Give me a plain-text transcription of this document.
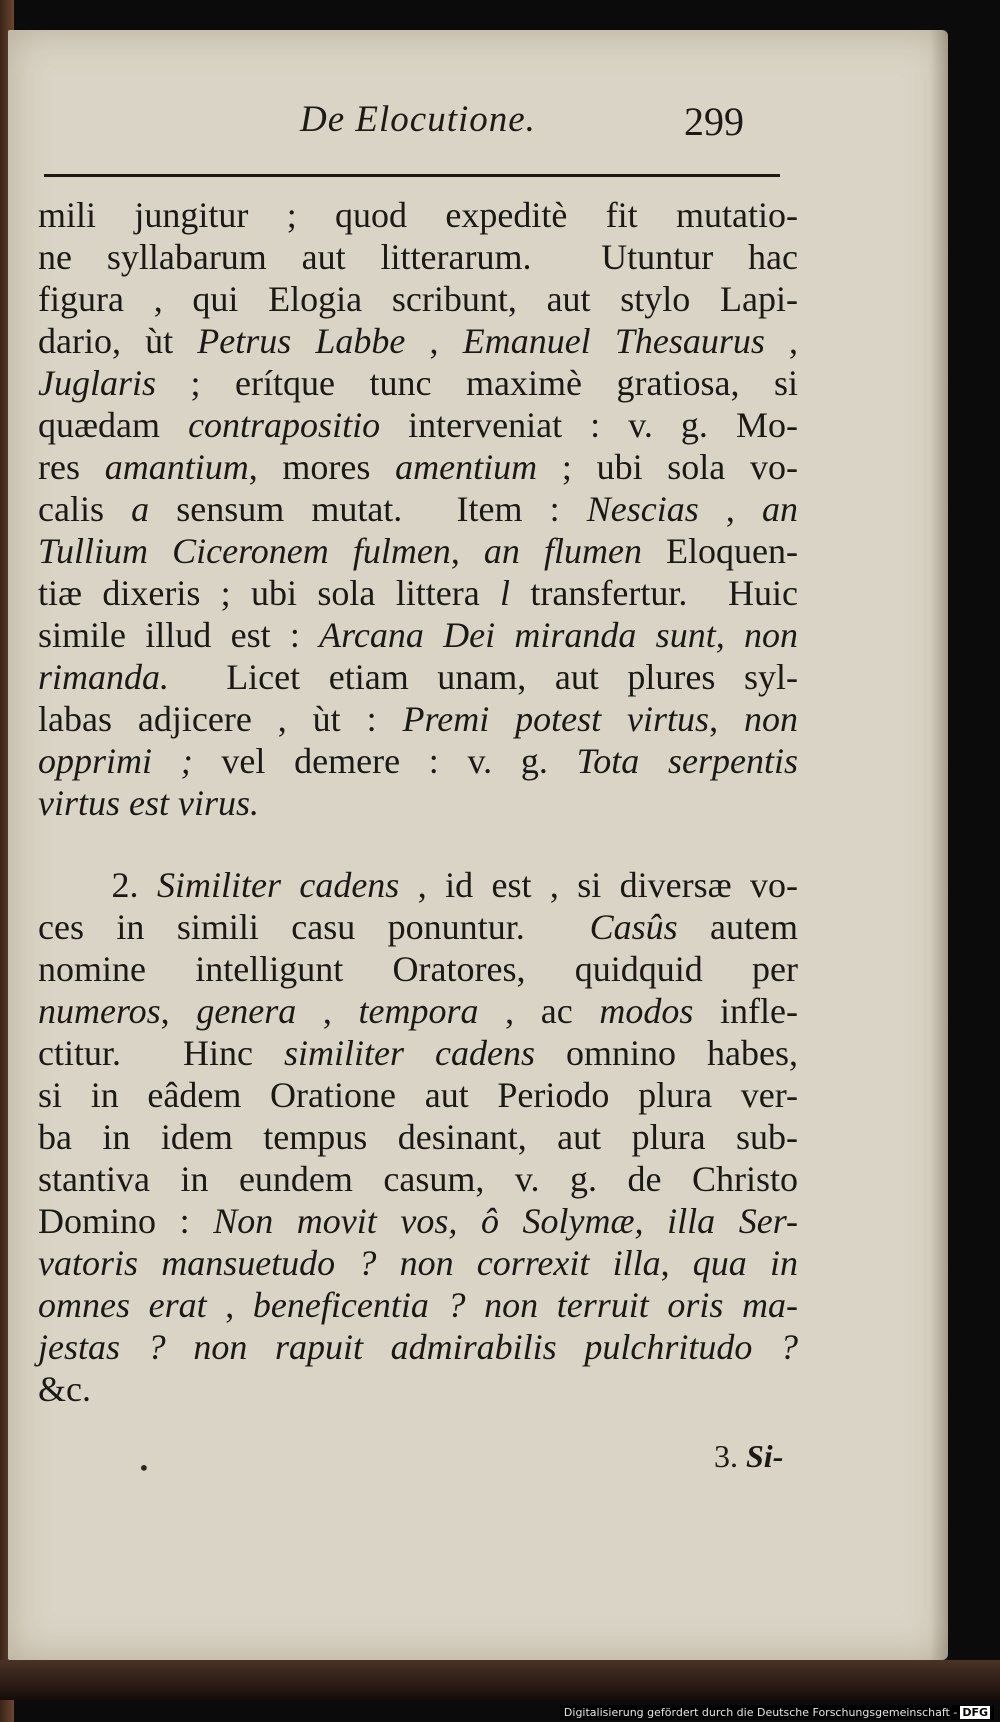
De Elocutione.	299
mili jungitur ; quod expeditè fit mutatio-
ne syllabarum aut litterarum.  Utuntur hac
figura , qui Elogia scribunt, aut stylo Lapi-
dario, ùt Petrus Labbe , Emanuel Thesaurus ,
Juglaris ; erítque tunc maximè gratiosa, si
quædam contrapositio interveniat : v. g. Mo-
res amantium, mores amentium ; ubi sola vo-
calis a sensum mutat.  Item : Nescias , an
Tullium Ciceronem fulmen, an flumen Eloquen-
tiæ dixeris ; ubi sola littera l transfertur.  Huic
simile illud est : Arcana Dei miranda sunt, non
rimanda.  Licet etiam unam, aut plures syl-
labas adjicere , ùt : Premi potest virtus, non
opprimi ; vel demere : v. g. Tota serpentis
virtus est virus.
2. Similiter cadens , id est , si diversæ vo-
ces in simili casu ponuntur.  Casûs autem
nomine intelligunt Oratores, quidquid per
numeros, genera , tempora , ac modos infle-
ctitur.  Hinc similiter cadens omnino habes,
si in eâdem Oratione aut Periodo plura ver-
ba in idem tempus desinant, aut plura sub-
stantiva in eundem casum, v. g. de Christo
Domino : Non movit vos, ô Solymæ, illa Ser-
vatoris mansuetudo ? non correxit illa, qua in
omnes erat , beneficentia ? non terruit oris ma-
jestas ? non rapuit admirabilis pulchritudo ?
&c.
•	3. Si-
Digitalisierung gefördert durch die Deutsche Forschungsgemeinschaft - DFG
